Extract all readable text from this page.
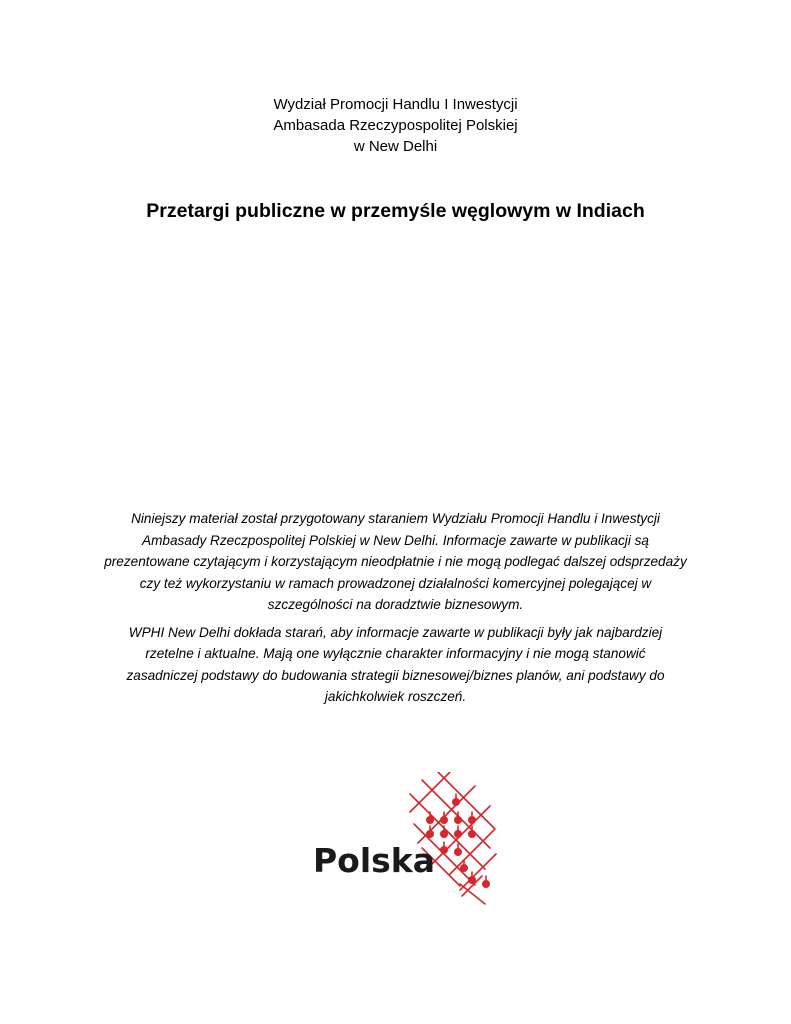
Wydział Promocji Handlu I Inwestycji
Ambasada Rzeczypospolitej Polskiej
w New Delhi
Przetargi publiczne w przemyśle węglowym w Indiach

Niniejszy materiał został przygotowany staraniem Wydziału Promocji Handlu i Inwestycji
Ambasady Rzeczpospolitej Polskiej w New Delhi. Informacje zawarte w publikacji są
prezentowane czytającym i korzystającym nieodpłatnie i nie mogą podlegać dalszej odsprzedaży
czy też wykorzystaniu w ramach prowadzonej działalności komercyjnej polegającej w
szczególności na doradztwie biznesowym.

WPHI New Delhi dokłada starań, aby informacje zawarte w publikacji były jak najbardziej
rzetelne i aktualne. Mają one wyłącznie charakter informacyjny i nie mogą stanowić
zasadniczej podstawy do budowania strategii biznesowej/biznes planów, ani podstawy do
jakichkolwiek roszczeń.

Polska
